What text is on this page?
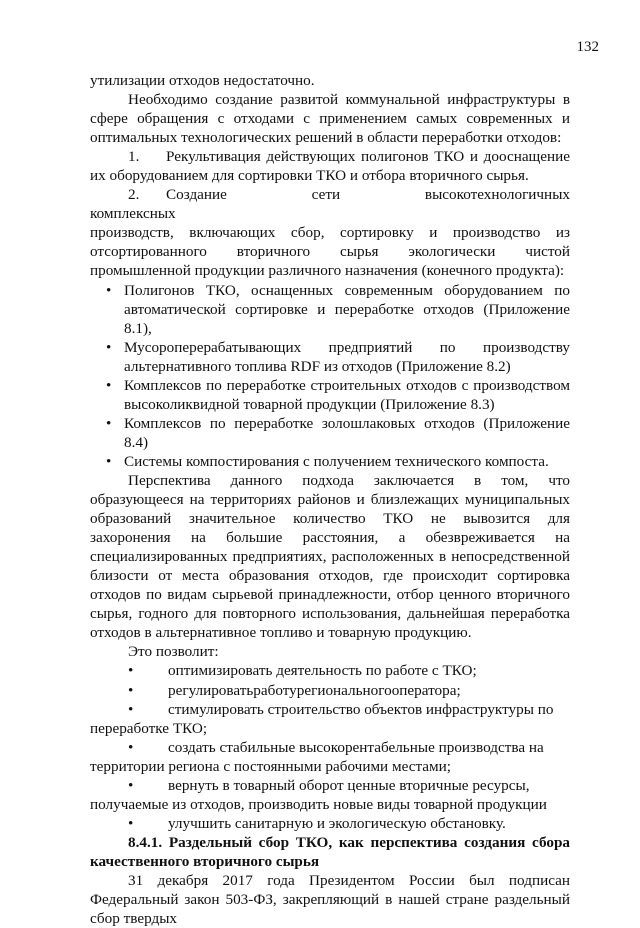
132

утилизации отходов недостаточно.

Необходимо создание развитой коммунальной инфраструктуры в сфере обращения с отходами с применением самых современных и оптимальных технологических решений в области переработки отходов:

1. Рекультивация действующих полигонов ТКО и дооснащение

их оборудованием для сортировки ТКО и отбора вторичного сырья.

2. Создание сети высокотехнологичных комплексных

производств, включающих сбор, сортировку и производство из отсортированного вторичного сырья экологически чистой промышленной продукции различного назначения (конечного продукта):

• Полигонов ТКО, оснащенных современным оборудованием по автоматической сортировке и переработке отходов (Приложение 8.1),

• Мусороперерабатывающих предприятий по производству альтернативного топлива RDF из отходов (Приложение 8.2)

• Комплексов по переработке строительных отходов с производством высоколиквидной товарной продукции (Приложение 8.3)

• Комплексов по переработке золошлаковых отходов (Приложение 8.4)

• Системы компостирования с получением технического компоста.

Перспектива данного подхода заключается в том, что образующееся на территориях районов и близлежащих муниципальных образований значительное количество ТКО не вывозится для захоронения на большие расстояния, а обезвреживается на специализированных предприятиях, расположенных в непосредственной близости от места образования отходов, где происходит сортировка отходов по видам сырьевой принадлежности, отбор ценного вторичного сырья, годного для повторного использования, дальнейшая переработка отходов в альтернативное топливо и товарную продукцию.

Это позволит:

•	оптимизировать деятельность по работе с ТКО;

•	регулироватьработурегиональногооператора;

•	стимулировать строительство объектов инфраструктуры по
переработке ТКО;

•	создать стабильные высокорентабельные производства на
территории региона с постоянными рабочими местами;

•	вернуть в товарный оборот ценные вторичные ресурсы,
получаемые из отходов, производить новые виды товарной продукции

•	улучшить санитарную и экологическую обстановку.

8.4.1. Раздельный сбор ТКО, как перспектива создания сбора качественного вторичного сырья

31 декабря 2017 года Президентом России был подписан Федеральный закон 503-ФЗ, закрепляющий в нашей стране раздельный сбор твердых
